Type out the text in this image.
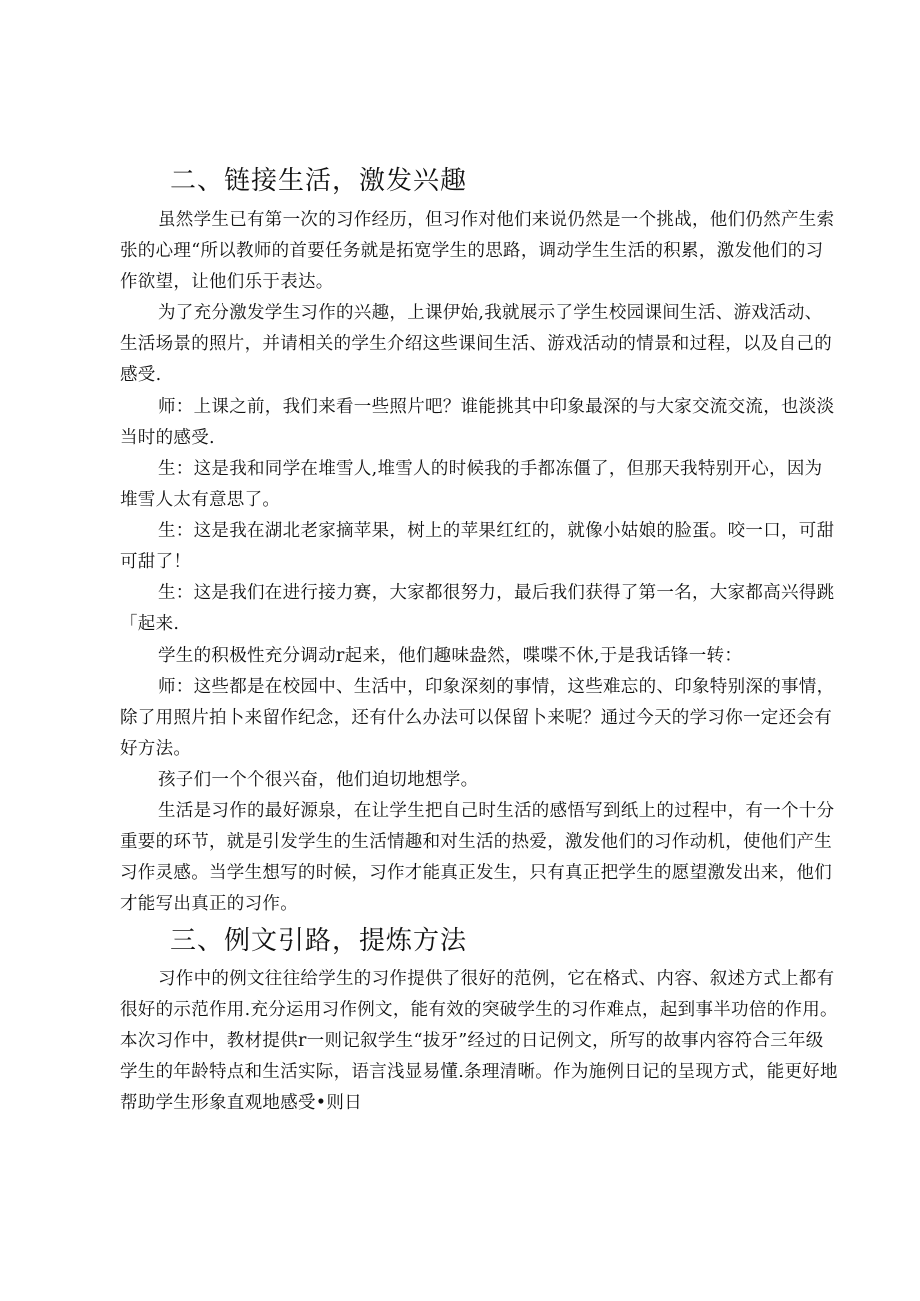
二、链接生活，激发兴趣

虽然学生已有第一次的习作经历，但习作对他们来说仍然是一个挑战，他们仍然产生索

张的心理“所以教师的首要任务就是拓宽学生的思路，调动学生生活的积累，激发他们的习

作欲望，让他们乐于表达。

为了充分激发学生习作的兴趣，上课伊始,我就展示了学生校园课间生活、游戏活动、

生活场景的照片，并请相关的学生介绍这些课间生活、游戏活动的情景和过程，以及自己的

感受.

师：上课之前，我们来看一些照片吧？谁能挑其中印象最深的与大家交流交流，也淡淡

当时的感受.

生：这是我和同学在堆雪人,堆雪人的时候我的手都冻僵了，但那天我特别开心，因为

堆雪人太有意思了。

生：这是我在湖北老家摘苹果，树上的苹果红红的，就像小姑娘的脸蛋。咬一口，可甜

可甜了！

生：这是我们在进行接力赛，大家都很努力，最后我们获得了第一名，大家都高兴得跳

「起来.

学生的积极性充分调动r起来，他们趣味盎然，喋喋不休,于是我话锋一转：

师：这些都是在校园中、生活中，印象深刻的事情，这些难忘的、印象特别深的事情，

除了用照片拍卜来留作纪念，还有什么办法可以保留卜来呢？通过今天的学习你一定还会有

好方法。

孩子们一个个很兴奋，他们迫切地想学。

生活是习作的最好源泉，在让学生把自己时生活的感悟写到纸上的过程中，有一个十分

重要的环节，就是引发学生的生活情趣和对生活的热爱，激发他们的习作动机，使他们产生

习作灵感。当学生想写的时候，习作才能真正发生，只有真正把学生的愿望激发出来，他们

才能写出真正的习作。

三、例文引路，提炼方法

习作中的例文往往给学生的习作提供了很好的范例，它在格式、内容、叙述方式上都有

很好的示范作用.充分运用习作例文，能有效的突破学生的习作难点，起到事半功倍的作用。

本次习作中，教材提供r一则记叙学生“拔牙”经过的日记例文，所写的故事内容符合三年级

学生的年龄特点和生活实际，语言浅显易懂.条理清晰。作为施例日记的呈现方式，能更好地

帮助学生形象直观地感受•则日
